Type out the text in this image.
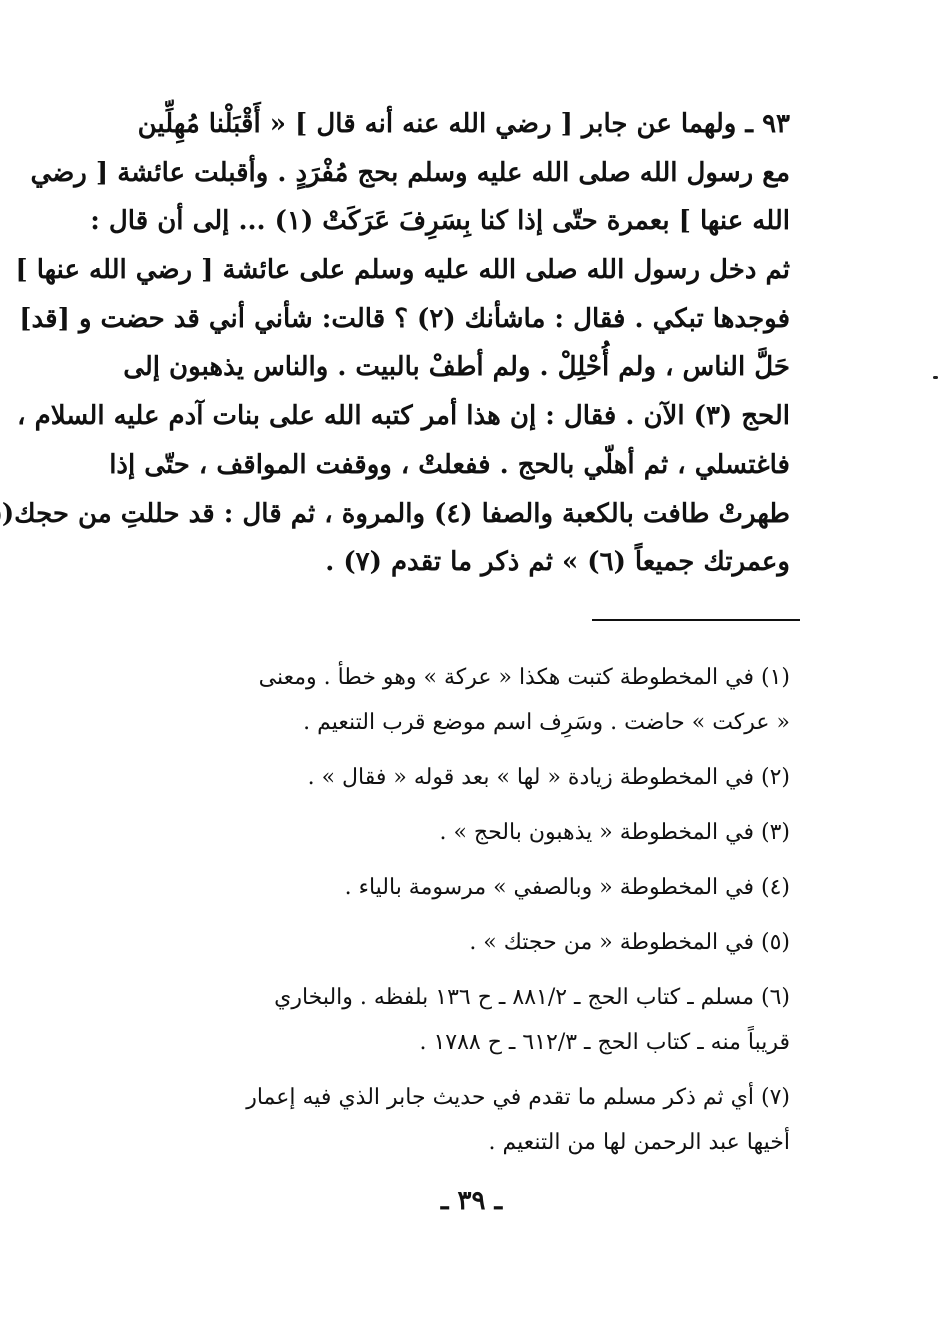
٩٣ ـ ولهما عن جابر [ رضي الله عنه أنه قال ] « أَقْبَلْنا مُهِلِّين
مع رسول الله صلى الله عليه وسلم بحج مُفْرَدٍ . وأقبلت عائشة [ رضي
الله عنها ] بعمرة حتّى إذا كنا بِسَرِفَ عَرَكَتْ (١) ... إلى أن قال :
ثم دخل رسول الله صلى الله عليه وسلم على عائشة [ رضي الله عنها ]
فوجدها تبكي . فقال : ماشأنك (٢) ؟ قالت: شأني أني قد حضت و [قد]
حَلَّ الناس ، ولم أُحْلِلْ . ولم أطفْ بالبيت . والناس يذهبون إلى
الحج (٣) الآن . فقال : إن هذا أمر كتبه الله على بنات آدم عليه السلام ،
فاغتسلي ، ثم أهلّي بالحج . ففعلتْ ، ووقفت المواقف ، حتّى إذا
طهرتْ طافت بالكعبة والصفا (٤) والمروة ، ثم قال : قد حللتِ من حجك(
وعمرتك جميعاً (٦) » ثم ذكر ما تقدم (٧) .
(١) في المخطوطة كتبت هكذا « عركة » وهو خطأ . ومعنى
« عركت » حاضت . وسَرِف اسم موضع قرب التنعيم .
(٢) في المخطوطة زيادة « لها » بعد قوله « فقال » .
(٣) في المخطوطة « يذهبون بالحج » .
(٤) في المخطوطة « وبالصفي » مرسومة بالياء .
(٥) في المخطوطة « من حجتك » .
(٦) مسلم ـ كتاب الحج ـ ٨٨١/٢ ـ ح ١٣٦ بلفظه . والبخاري
قريباً منه ـ كتاب الحج ـ ٦١٢/٣ ـ ح ١٧٨٨ .
(٧) أي ثم ذكر مسلم ما تقدم في حديث جابر الذي فيه إعمار
أخيها عبد الرحمن لها من التنعيم .
ـ ٣٩ ـ
